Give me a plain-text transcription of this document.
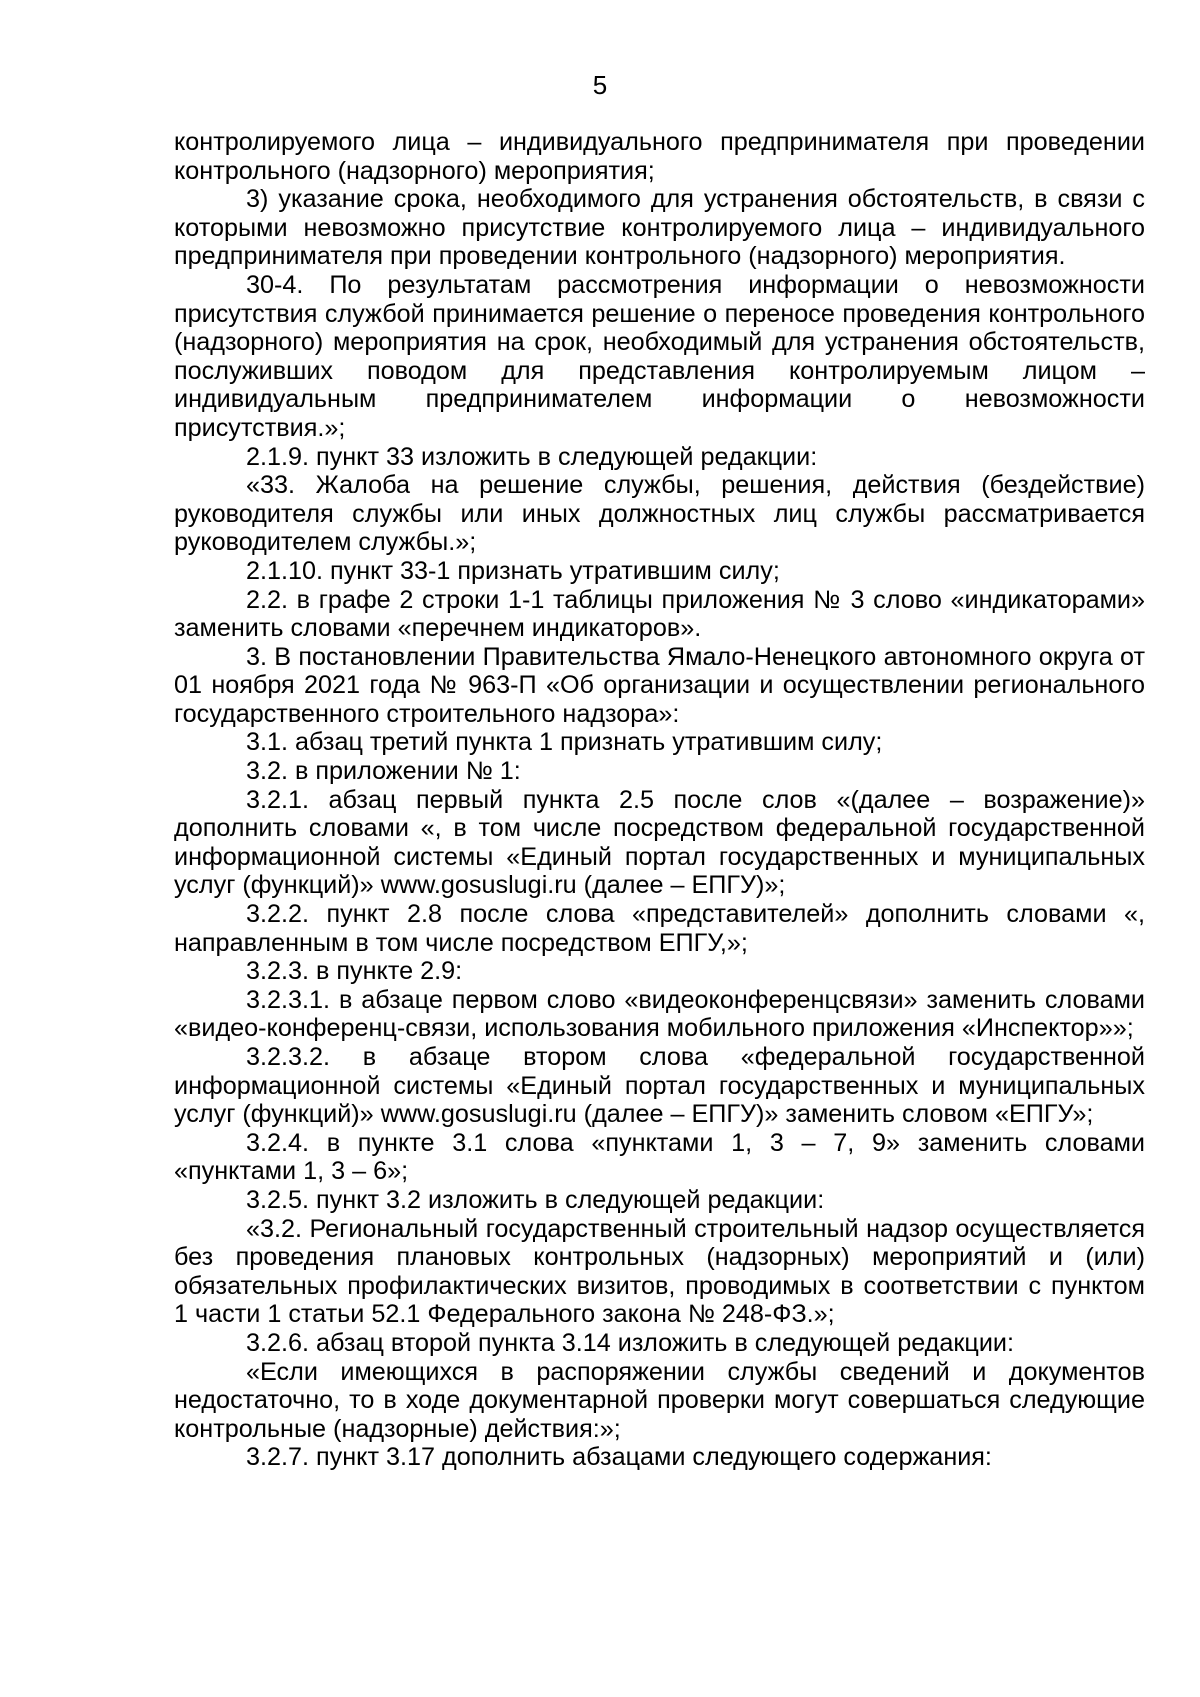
5

контролируемого лица – индивидуального предпринимателя при проведении контрольного (надзорного) мероприятия;

3) указание срока, необходимого для устранения обстоятельств, в связи с которыми невозможно присутствие контролируемого лица – индивидуального предпринимателя при проведении контрольного (надзорного) мероприятия.

30-4. По результатам рассмотрения информации о невозможности присутствия службой принимается решение о переносе проведения контрольного (надзорного) мероприятия на срок, необходимый для устранения обстоятельств, послуживших поводом для представления контролируемым лицом – индивидуальным предпринимателем информации о невозможности присутствия.»;

2.1.9. пункт 33 изложить в следующей редакции:

«33. Жалоба на решение службы, решения, действия (бездействие) руководителя службы или иных должностных лиц службы рассматривается руководителем службы.»;

2.1.10. пункт 33-1 признать утратившим силу;

2.2. в графе 2 строки 1-1 таблицы приложения № 3 слово «индикаторами» заменить словами «перечнем индикаторов».

3. В постановлении Правительства Ямало-Ненецкого автономного округа от 01 ноября 2021 года № 963-П «Об организации и осуществлении регионального государственного строительного надзора»:

3.1. абзац третий пункта 1 признать утратившим силу;

3.2. в приложении № 1:

3.2.1. абзац первый пункта 2.5 после слов «(далее – возражение)» дополнить словами «, в том числе посредством федеральной государственной информационной системы «Единый портал государственных и муниципальных услуг (функций)» www.gosuslugi.ru (далее – ЕПГУ)»;

3.2.2. пункт 2.8 после слова «представителей» дополнить словами «, направленным в том числе посредством ЕПГУ,»;

3.2.3. в пункте 2.9:

3.2.3.1. в абзаце первом слово «видеоконференцсвязи» заменить словами «видео-конференц-связи, использования мобильного приложения «Инспектор»»;

3.2.3.2. в абзаце втором слова «федеральной государственной информационной системы «Единый портал государственных и муниципальных услуг (функций)» www.gosuslugi.ru (далее – ЕПГУ)» заменить словом «ЕПГУ»;

3.2.4. в пункте 3.1 слова «пунктами 1, 3 – 7, 9» заменить словами «пунктами 1, 3 – 6»;

3.2.5. пункт 3.2 изложить в следующей редакции:

«3.2. Региональный государственный строительный надзор осуществляется без проведения плановых контрольных (надзорных) мероприятий и (или) обязательных профилактических визитов, проводимых в соответствии с пунктом 1 части 1 статьи 52.1 Федерального закона № 248-ФЗ.»;

3.2.6. абзац второй пункта 3.14 изложить в следующей редакции:

«Если имеющихся в распоряжении службы сведений и документов недостаточно, то в ходе документарной проверки могут совершаться следующие контрольные (надзорные) действия:»;

3.2.7. пункт 3.17 дополнить абзацами следующего содержания:
